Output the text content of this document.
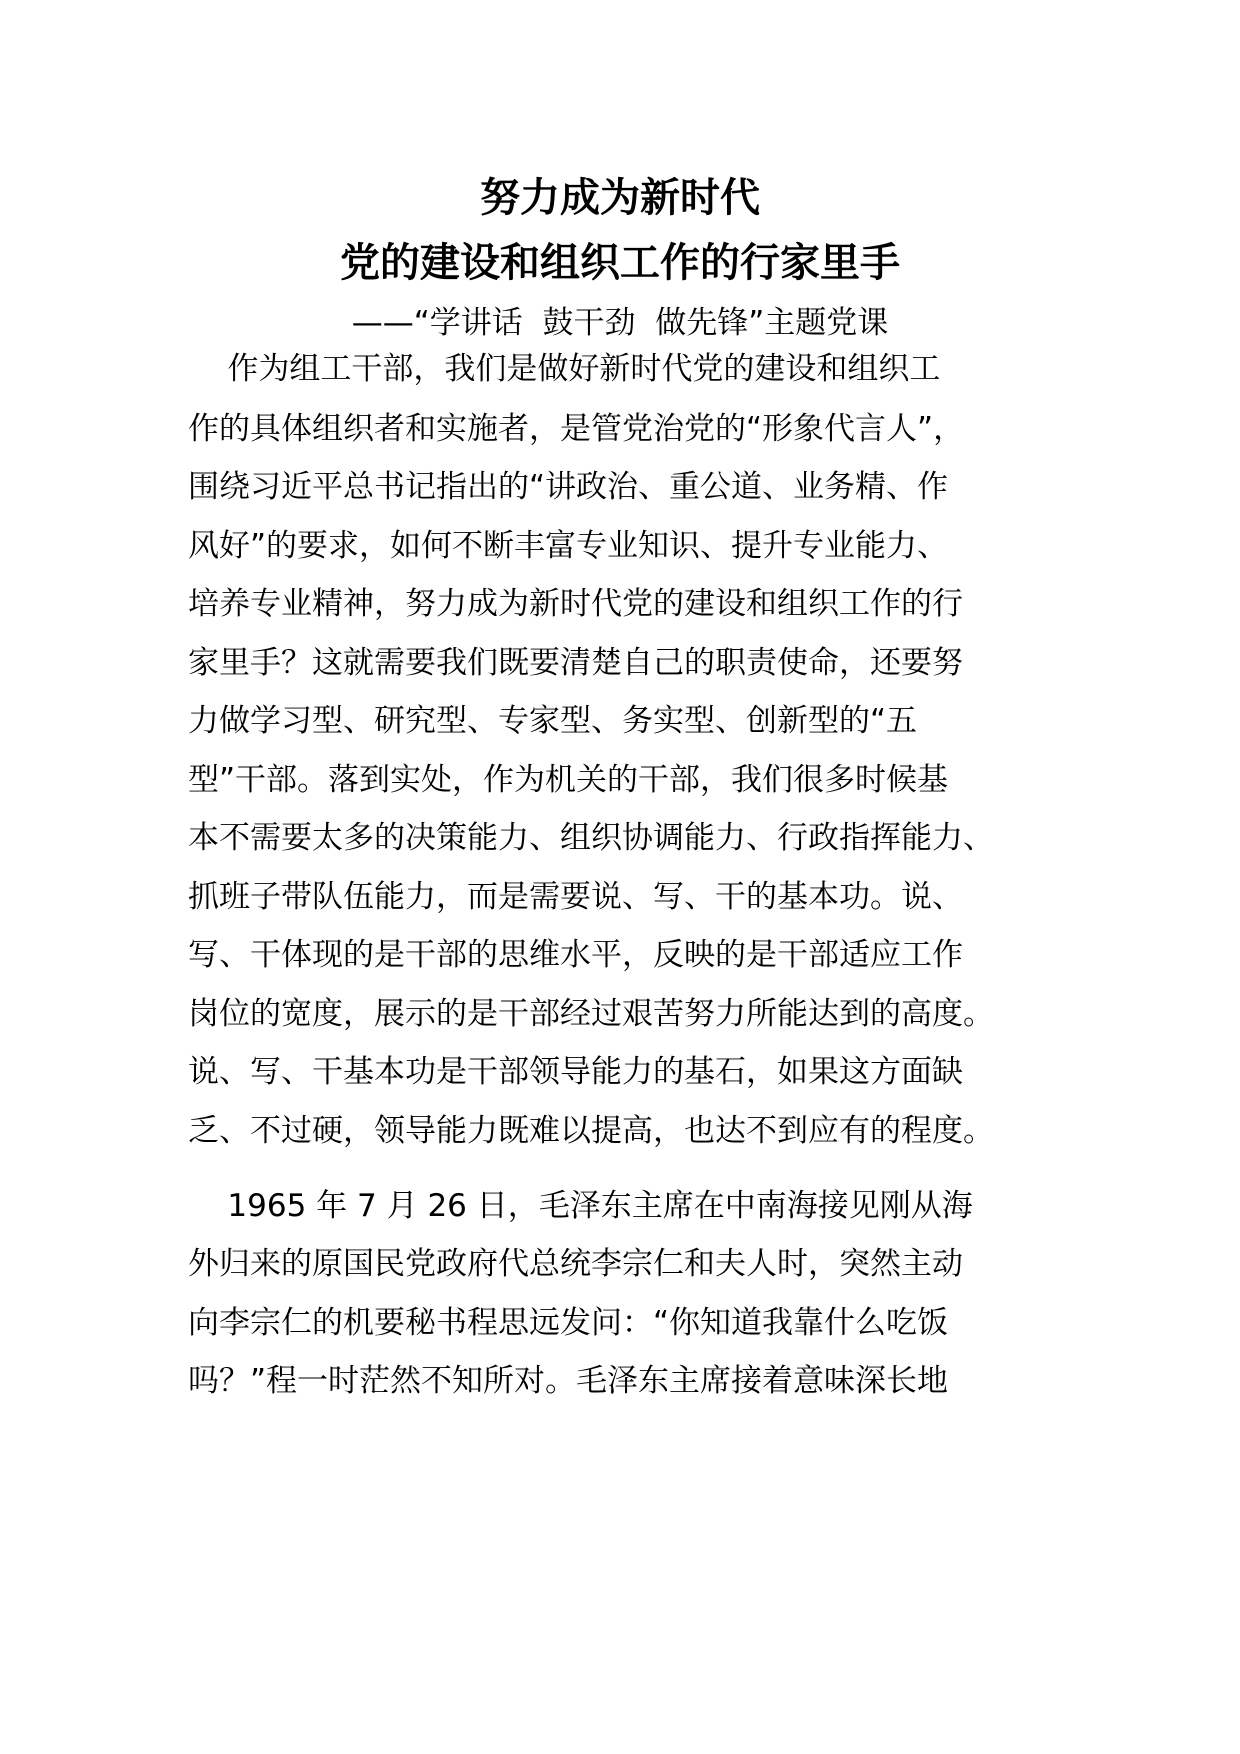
努力成为新时代
党的建设和组织工作的行家里手
——“学讲话  鼓干劲  做先锋”主题党课
作为组工干部，我们是做好新时代党的建设和组织工
作的具体组织者和实施者，是管党治党的“形象代言人”，
围绕习近平总书记指出的“讲政治、重公道、业务精、作
风好”的要求，如何不断丰富专业知识、提升专业能力、
培养专业精神，努力成为新时代党的建设和组织工作的行
家里手？这就需要我们既要清楚自己的职责使命，还要努
力做学习型、研究型、专家型、务实型、创新型的“五
型”干部。落到实处，作为机关的干部，我们很多时候基
本不需要太多的决策能力、组织协调能力、行政指挥能力、
抓班子带队伍能力，而是需要说、写、干的基本功。说、
写、干体现的是干部的思维水平，反映的是干部适应工作
岗位的宽度，展示的是干部经过艰苦努力所能达到的高度。
说、写、干基本功是干部领导能力的基石，如果这方面缺
乏、不过硬，领导能力既难以提高，也达不到应有的程度。
1965 年 7 月 26 日，毛泽东主席在中南海接见刚从海
外归来的原国民党政府代总统李宗仁和夫人时，突然主动
向李宗仁的机要秘书程思远发问：“你知道我靠什么吃饭
吗？”程一时茫然不知所对。毛泽东主席接着意味深长地
